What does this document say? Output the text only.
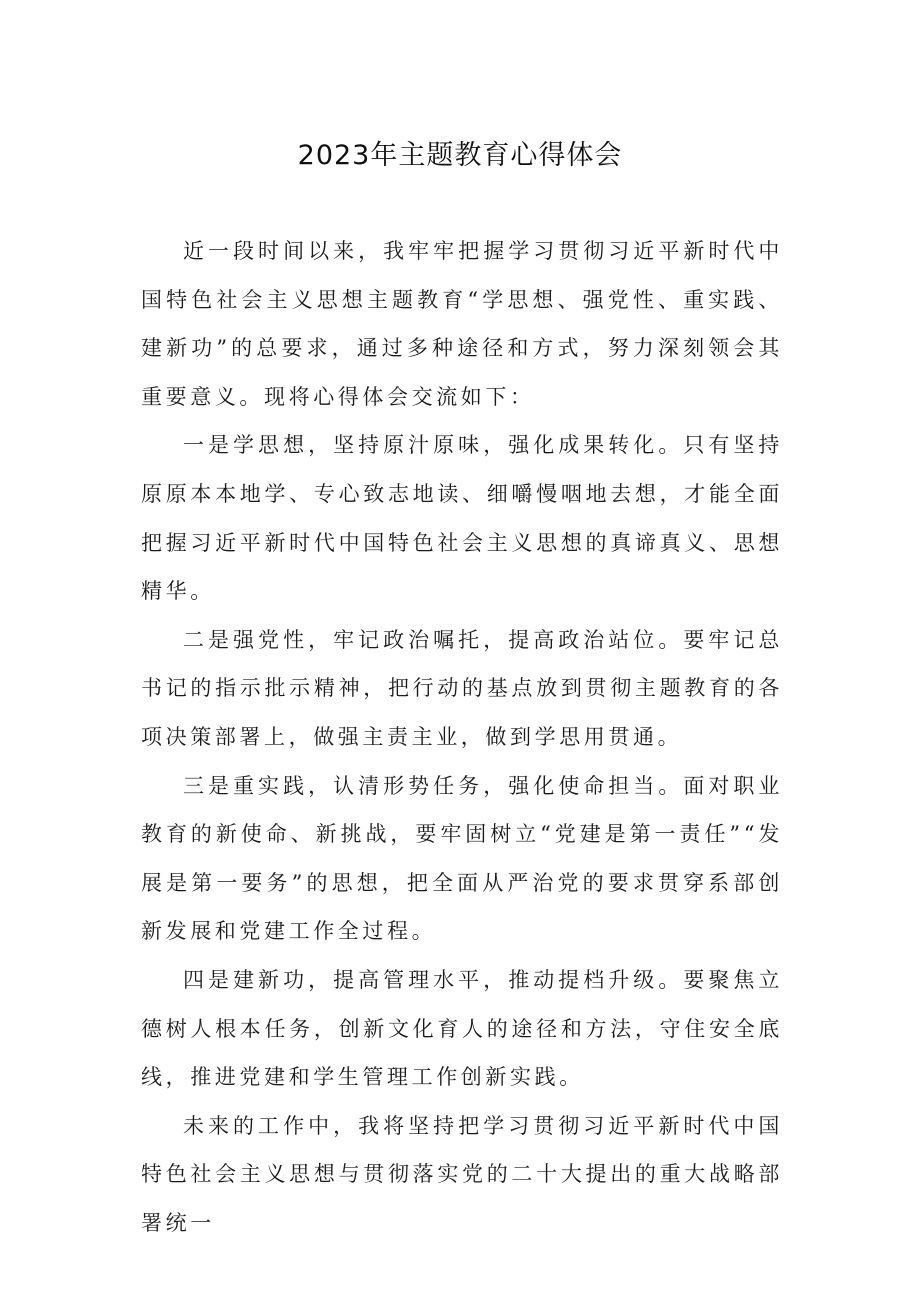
2023年主题教育心得体会

近一段时间以来，我牢牢把握学习贯彻习近平新时代中国特色社会主义思想主题教育“学思想、强党性、重实践、建新功”的总要求，通过多种途径和方式，努力深刻领会其重要意义。现将心得体会交流如下：

一是学思想，坚持原汁原味，强化成果转化。只有坚持原原本本地学、专心致志地读、细嚼慢咽地去想，才能全面把握习近平新时代中国特色社会主义思想的真谛真义、思想精华。

二是强党性，牢记政治嘱托，提高政治站位。要牢记总书记的指示批示精神，把行动的基点放到贯彻主题教育的各项决策部署上，做强主责主业，做到学思用贯通。

三是重实践，认清形势任务，强化使命担当。面对职业教育的新使命、新挑战，要牢固树立“党建是第一责任”“发展是第一要务”的思想，把全面从严治党的要求贯穿系部创新发展和党建工作全过程。

四是建新功，提高管理水平，推动提档升级。要聚焦立德树人根本任务，创新文化育人的途径和方法，守住安全底线，推进党建和学生管理工作创新实践。

未来的工作中，我将坚持把学习贯彻习近平新时代中国特色社会主义思想与贯彻落实党的二十大提出的重大战略部署统一
